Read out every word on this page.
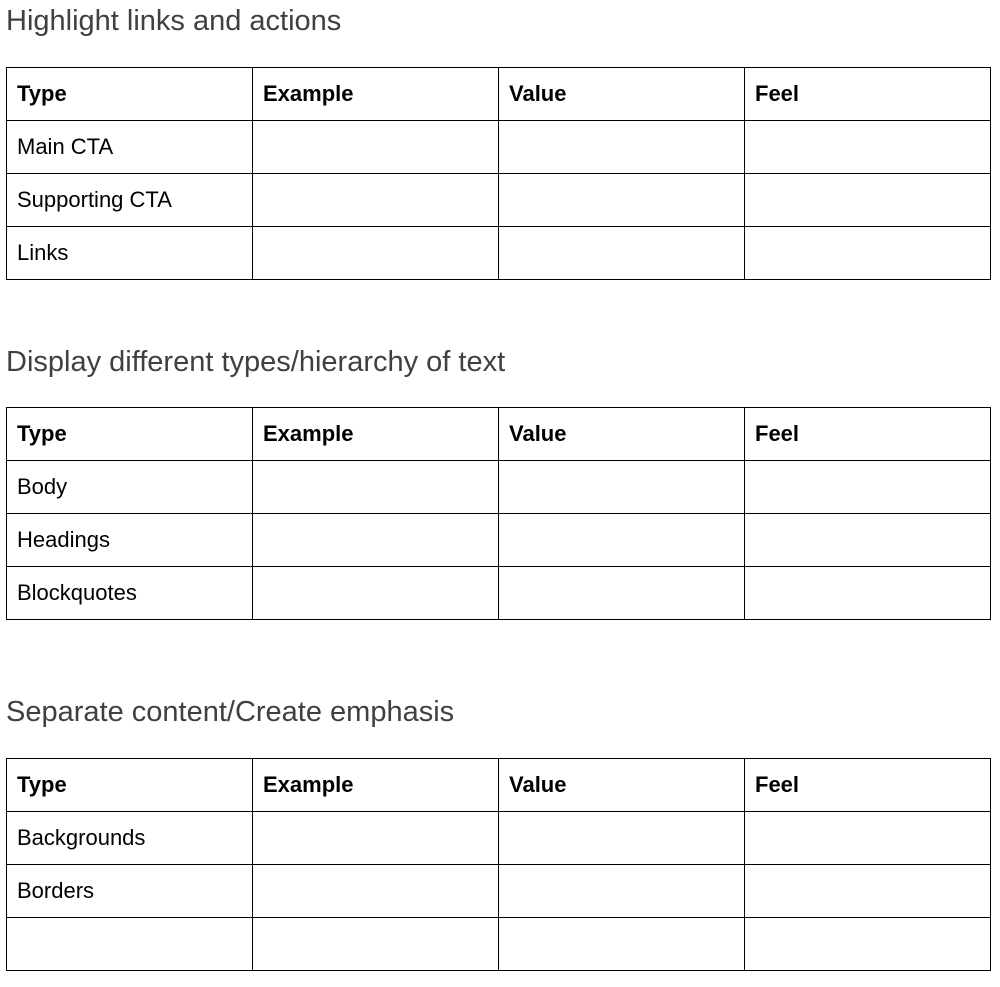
Highlight links and actions
Type	Example	Value	Feel
Main CTA			
Supporting CTA			
Links			
Display different types/hierarchy of text
Type	Example	Value	Feel
Body			
Headings			
Blockquotes			
Separate content/Create emphasis
Type	Example	Value	Feel
Backgrounds			
Borders			
